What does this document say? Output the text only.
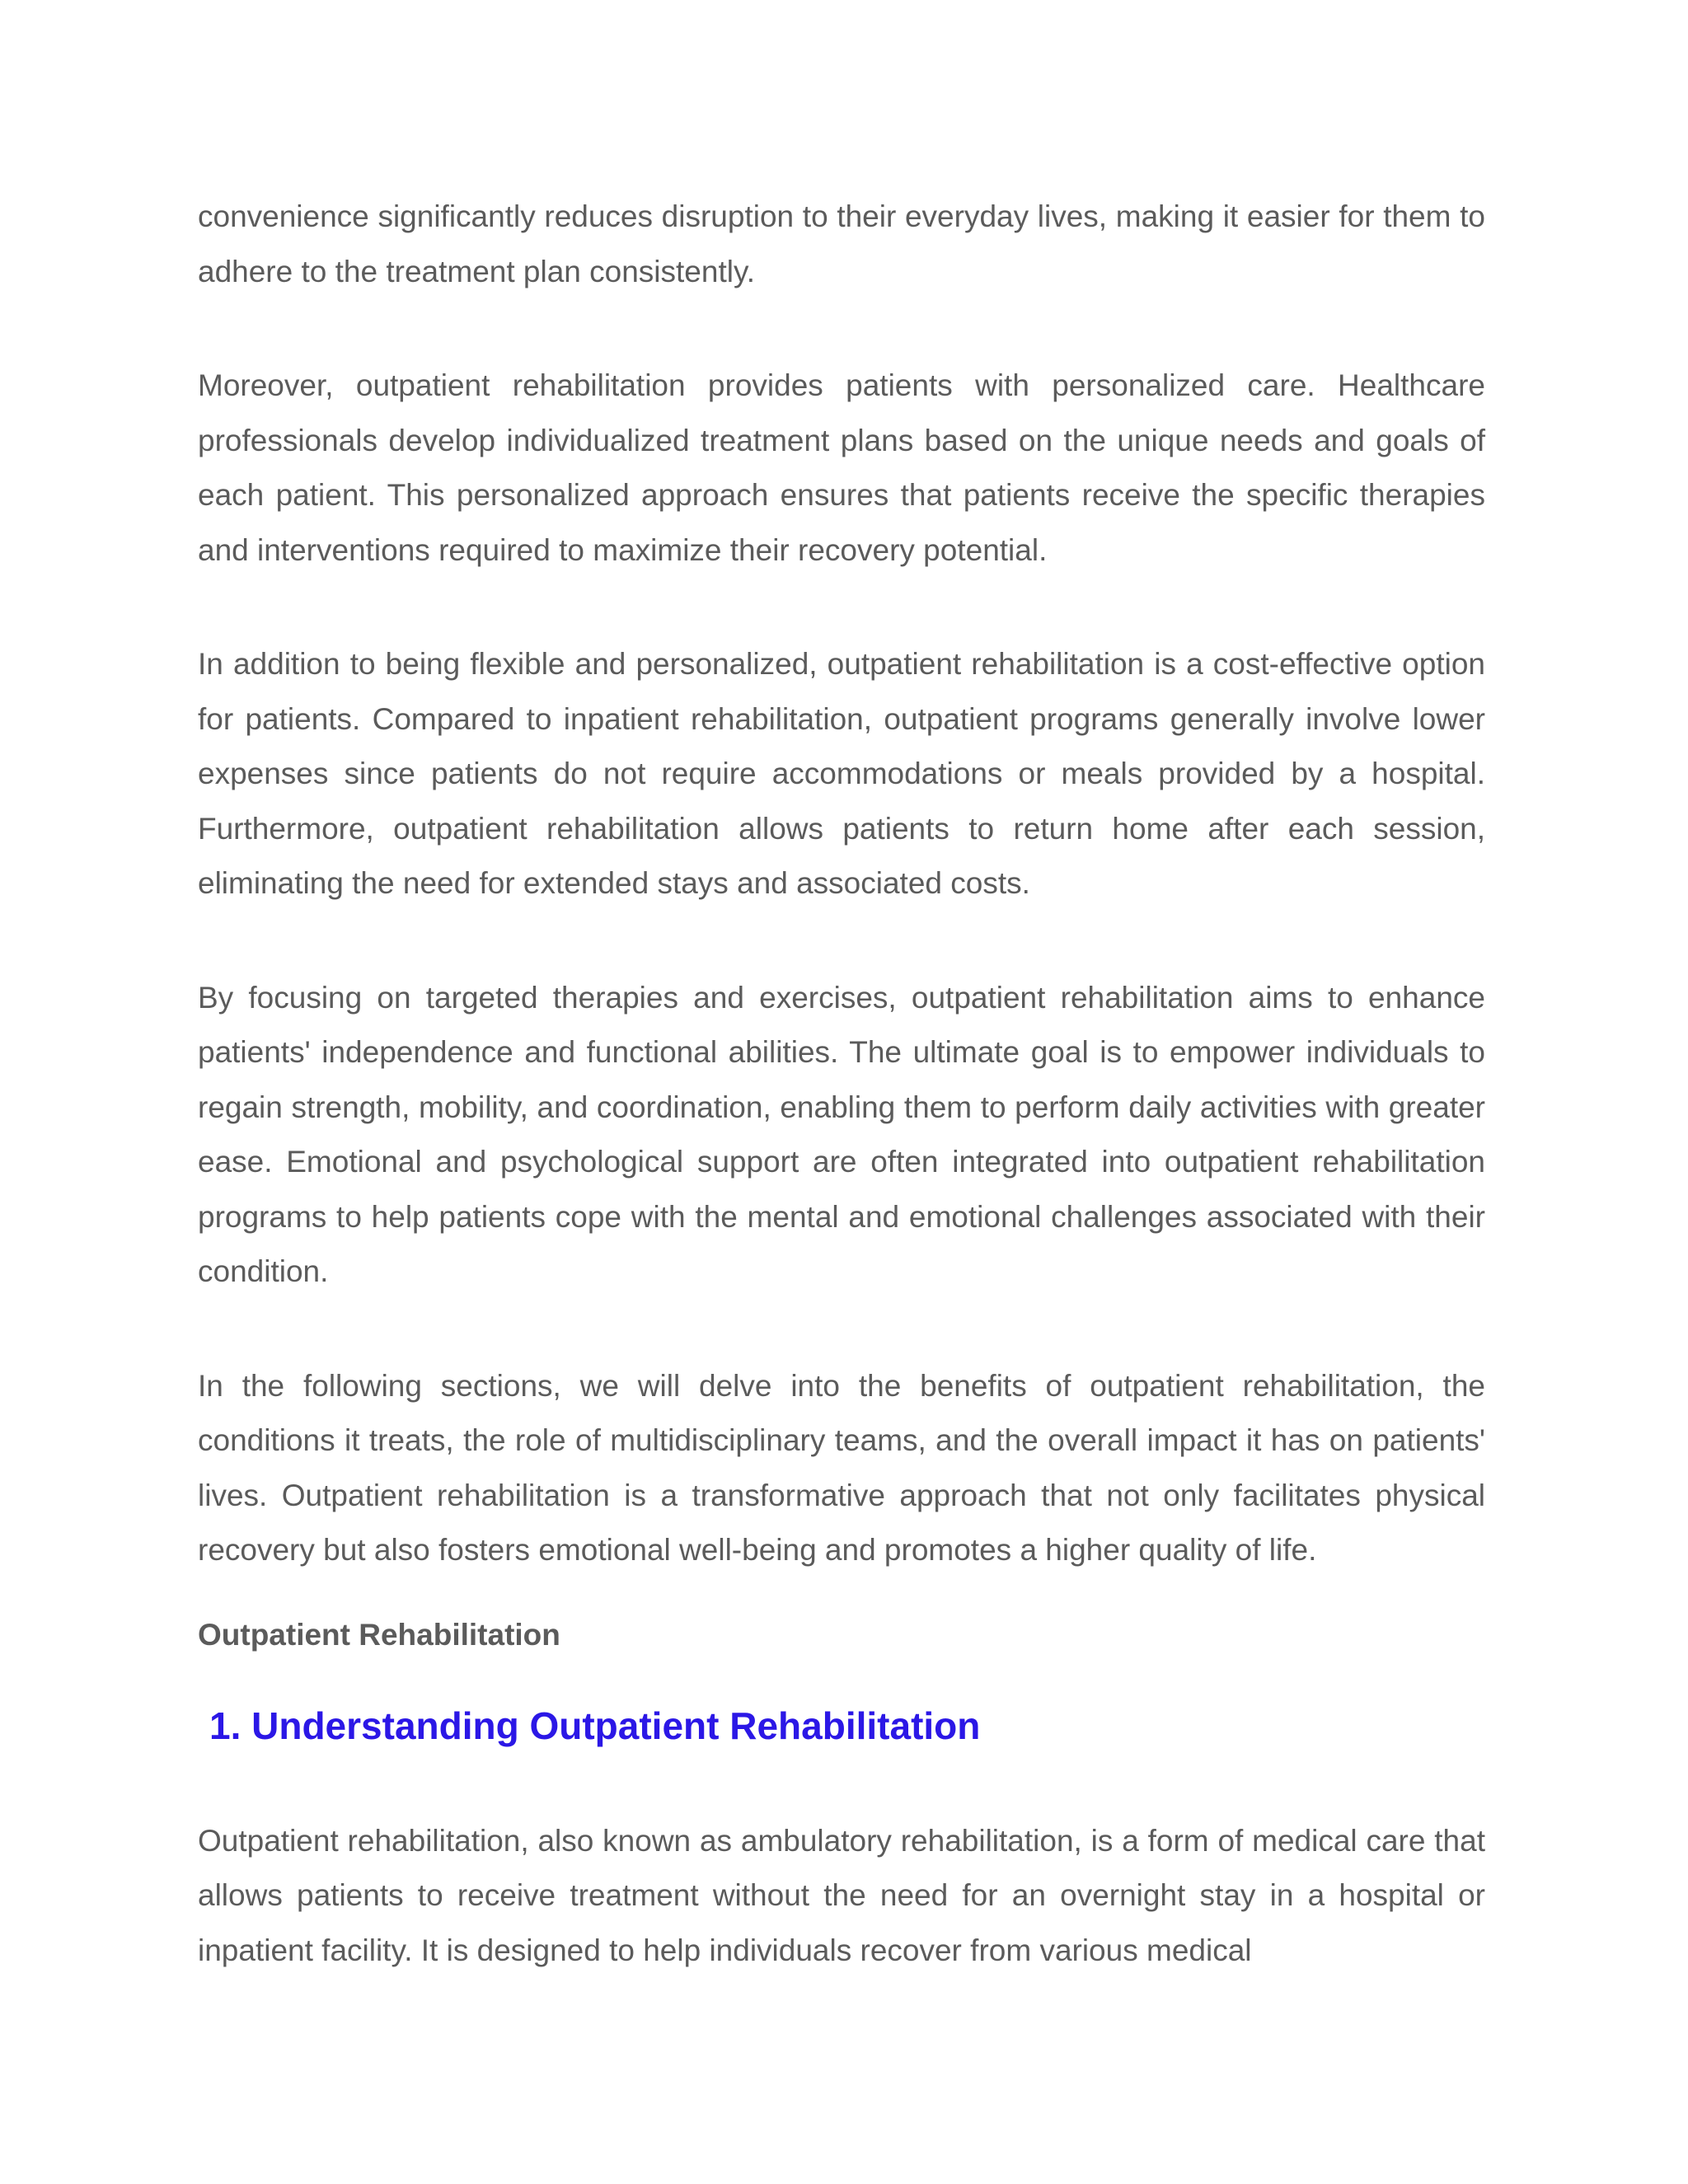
convenience significantly reduces disruption to their everyday lives, making it easier for them to adhere to the treatment plan consistently.

Moreover, outpatient rehabilitation provides patients with personalized care. Healthcare professionals develop individualized treatment plans based on the unique needs and goals of each patient. This personalized approach ensures that patients receive the specific therapies and interventions required to maximize their recovery potential.

In addition to being flexible and personalized, outpatient rehabilitation is a cost-effective option for patients. Compared to inpatient rehabilitation, outpatient programs generally involve lower expenses since patients do not require accommodations or meals provided by a hospital. Furthermore, outpatient rehabilitation allows patients to return home after each session, eliminating the need for extended stays and associated costs.

By focusing on targeted therapies and exercises, outpatient rehabilitation aims to enhance patients' independence and functional abilities. The ultimate goal is to empower individuals to regain strength, mobility, and coordination, enabling them to perform daily activities with greater ease. Emotional and psychological support are often integrated into outpatient rehabilitation programs to help patients cope with the mental and emotional challenges associated with their condition.

In the following sections, we will delve into the benefits of outpatient rehabilitation, the conditions it treats, the role of multidisciplinary teams, and the overall impact it has on patients' lives. Outpatient rehabilitation is a transformative approach that not only facilitates physical recovery but also fosters emotional well-being and promotes a higher quality of life.

Outpatient Rehabilitation
1. Understanding Outpatient Rehabilitation

Outpatient rehabilitation, also known as ambulatory rehabilitation, is a form of medical care that allows patients to receive treatment without the need for an overnight stay in a hospital or inpatient facility. It is designed to help individuals recover from various medical
